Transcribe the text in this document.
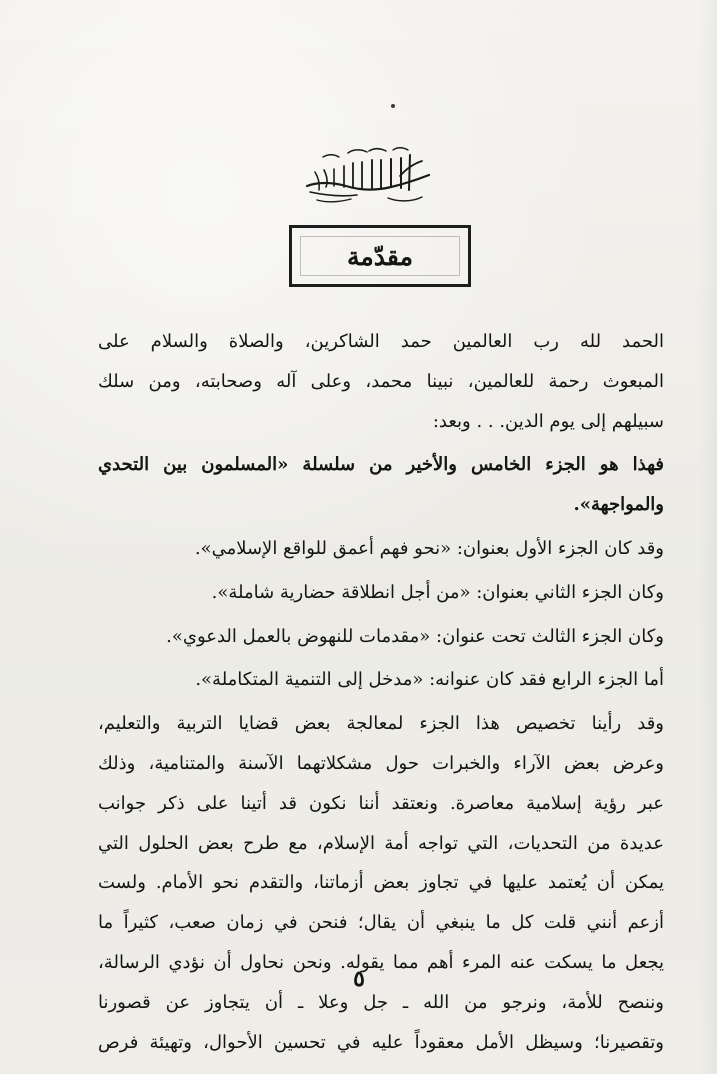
مقدّمة
الحمد لله رب العالمين حمد الشاكرين، والصلاة والسلام على
المبعوث رحمة للعالمين، نبينا محمد، وعلى آله وصحابته، ومن سلك
سبيلهم إلى يوم الدين. . . وبعد:
فهذا هو الجزء الخامس والأخير من سلسلة «المسلمون بين التحدي
والمواجهة».
وقد كان الجزء الأول بعنوان: «نحو فهم أعمق للواقع الإسلامي».
وكان الجزء الثاني بعنوان: «من أجل انطلاقة حضارية شاملة».
وكان الجزء الثالث تحت عنوان: «مقدمات للنهوض بالعمل الدعوي».
أما الجزء الرابع فقد كان عنوانه: «مدخل إلى التنمية المتكاملة».
وقد رأينا تخصيص هذا الجزء لمعالجة بعض قضايا التربية والتعليم،
وعرض بعض الآراء والخبرات حول مشكلاتهما الآسنة والمتنامية، وذلك
عبر رؤية إسلامية معاصرة. ونعتقد أننا نكون قد أتينا على ذكر جوانب
عديدة من التحديات، التي تواجه أمة الإسلام، مع طرح بعض الحلول التي
يمكن أن يُعتمد عليها في تجاوز بعض أزماتنا، والتقدم نحو الأمام. ولست
أزعم أنني قلت كل ما ينبغي أن يقال؛ فنحن في زمان صعب، كثيراً ما
يجعل ما يسكت عنه المرء أهم مما يقوله. ونحن نحاول أن نؤدي الرسالة،
وننصح للأمة، ونرجو من الله ـ جل وعلا ـ أن يتجاوز عن قصورنا
وتقصيرنا؛ وسيظل الأمل معقوداً عليه في تحسين الأحوال، وتهيئة فرص
٥
